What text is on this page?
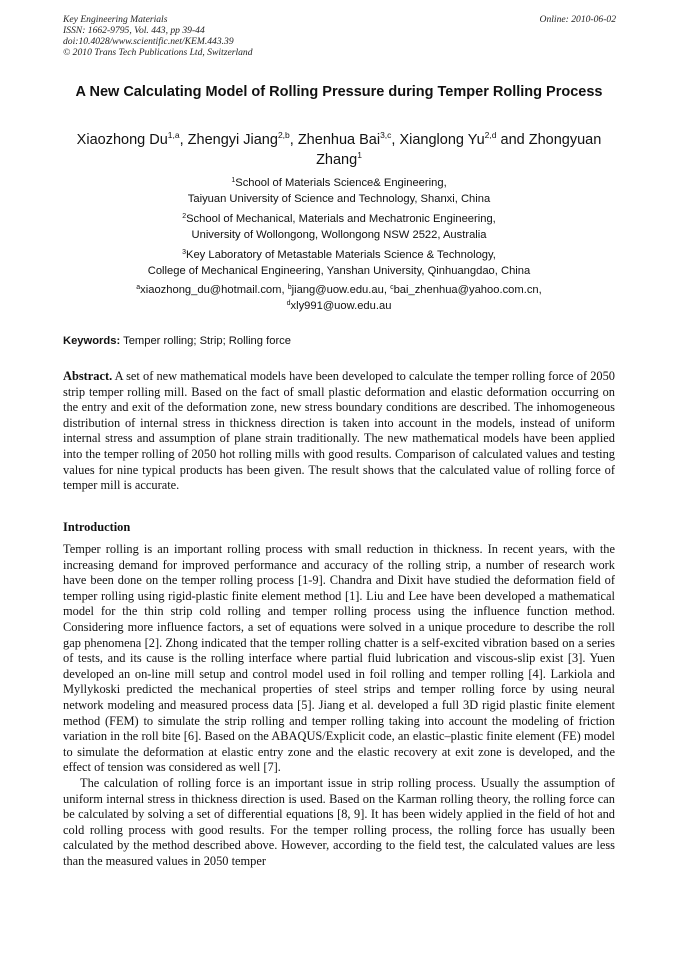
Key Engineering Materials
ISSN: 1662-9795, Vol. 443, pp 39-44
doi:10.4028/www.scientific.net/KEM.443.39
© 2010 Trans Tech Publications Ltd, Switzerland
Online: 2010-06-02
A New Calculating Model of Rolling Pressure during Temper Rolling Process
Xiaozhong Du$^{1,a}$, Zhengyi Jiang$^{2,b}$, Zhenhua Bai$^{3,c}$, Xianglong Yu$^{2,d}$ and Zhongyuan Zhang$^1$
$^1$School of Materials Science& Engineering,
Taiyuan University of Science and Technology, Shanxi, China
$^2$School of Mechanical, Materials and Mechatronic Engineering,
University of Wollongong, Wollongong NSW 2522, Australia
$^3$Key Laboratory of Metastable Materials Science & Technology,
College of Mechanical Engineering, Yanshan University, Qinhuangdao, China
$^a$xiaozhong_du@hotmail.com, $^b$jiang@uow.edu.au, $^c$bai_zhenhua@yahoo.com.cn,
$^d$xly991@uow.edu.au
Keywords: Temper rolling; Strip; Rolling force
Abstract. A set of new mathematical models have been developed to calculate the temper rolling force of 2050 strip temper rolling mill. Based on the fact of small plastic deformation and elastic deformation occurring on the entry and exit of the deformation zone, new stress boundary conditions are described. The inhomogeneous distribution of internal stress in thickness direction is taken into account in the models, instead of uniform internal stress and assumption of plane strain traditionally. The new mathematical models have been applied into the temper rolling of 2050 hot rolling mills with good results. Comparison of calculated values and testing values for nine typical products has been given. The result shows that the calculated value of rolling force of temper mill is accurate.
Introduction

Temper rolling is an important rolling process with small reduction in thickness. In recent years, with the increasing demand for improved performance and accuracy of the rolling strip, a number of research work have been done on the temper rolling process [1-9]. Chandra and Dixit have studied the deformation field of temper rolling using rigid-plastic finite element method [1]. Liu and Lee have been developed a mathematical model for the thin strip cold rolling and temper rolling process using the influence function method. Considering more influence factors, a set of equations were solved in a unique procedure to describe the roll gap phenomena [2]. Zhong indicated that the temper rolling chatter is a self-excited vibration based on a series of tests, and its cause is the rolling interface where partial fluid lubrication and viscous-slip exist [3]. Yuen developed an on-line mill setup and control model used in foil rolling and temper rolling [4]. Larkiola and Myllykoski predicted the mechanical properties of steel strips and temper rolling force by using neural network modeling and measured process data [5]. Jiang et al. developed a full 3D rigid plastic finite element method (FEM) to simulate the strip rolling and temper rolling taking into account the modeling of friction variation in the roll bite [6]. Based on the ABAQUS/Explicit code, an elastic–plastic finite element (FE) model to simulate the deformation at elastic entry zone and the elastic recovery at exit zone is developed, and the effect of tension was considered as well [7].

The calculation of rolling force is an important issue in strip rolling process. Usually the assumption of uniform internal stress in thickness direction is used. Based on the Karman rolling theory, the rolling force can be calculated by solving a set of differential equations [8, 9]. It has been widely applied in the field of hot and cold rolling process with good results. For the temper rolling process, the rolling force has usually been calculated by the method described above. However, according to the field test, the calculated values are less than the measured values in 2050 temper
